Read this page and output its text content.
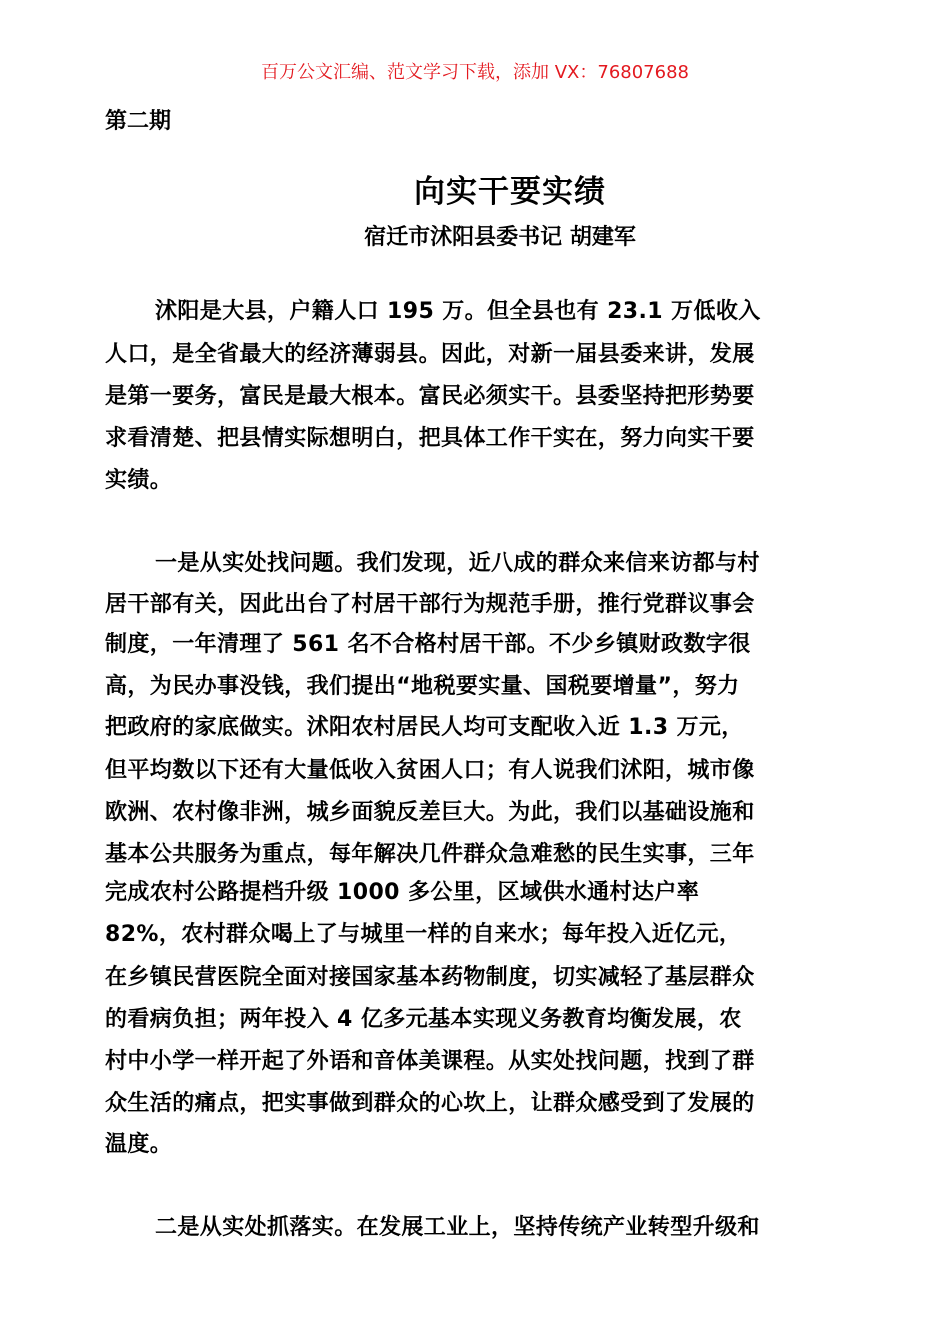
百万公文汇编、范文学习下载，添加 VX：76807688
第二期
向实干要实绩
宿迁市沭阳县委书记 胡建军
沭阳是大县，户籍人口 195 万。但全县也有 23.1 万低收入
人口，是全省最大的经济薄弱县。因此，对新一届县委来讲，发展
是第一要务，富民是最大根本。富民必须实干。县委坚持把形势要
求看清楚、把县情实际想明白，把具体工作干实在，努力向实干要
实绩。
一是从实处找问题。我们发现，近八成的群众来信来访都与村
居干部有关，因此出台了村居干部行为规范手册，推行党群议事会
制度，一年清理了 561 名不合格村居干部。不少乡镇财政数字很
高，为民办事没钱，我们提出“地税要实量、国税要增量”，努力
把政府的家底做实。沭阳农村居民人均可支配收入近 1.3 万元，
但平均数以下还有大量低收入贫困人口；有人说我们沭阳，城市像
欧洲、农村像非洲，城乡面貌反差巨大。为此，我们以基础设施和
基本公共服务为重点，每年解决几件群众急难愁的民生实事，三年
完成农村公路提档升级 1000 多公里，区域供水通村达户率
82%，农村群众喝上了与城里一样的自来水；每年投入近亿元，
在乡镇民营医院全面对接国家基本药物制度，切实减轻了基层群众
的看病负担；两年投入 4 亿多元基本实现义务教育均衡发展，农
村中小学一样开起了外语和音体美课程。从实处找问题，找到了群
众生活的痛点，把实事做到群众的心坎上，让群众感受到了发展的
温度。
二是从实处抓落实。在发展工业上，坚持传统产业转型升级和
